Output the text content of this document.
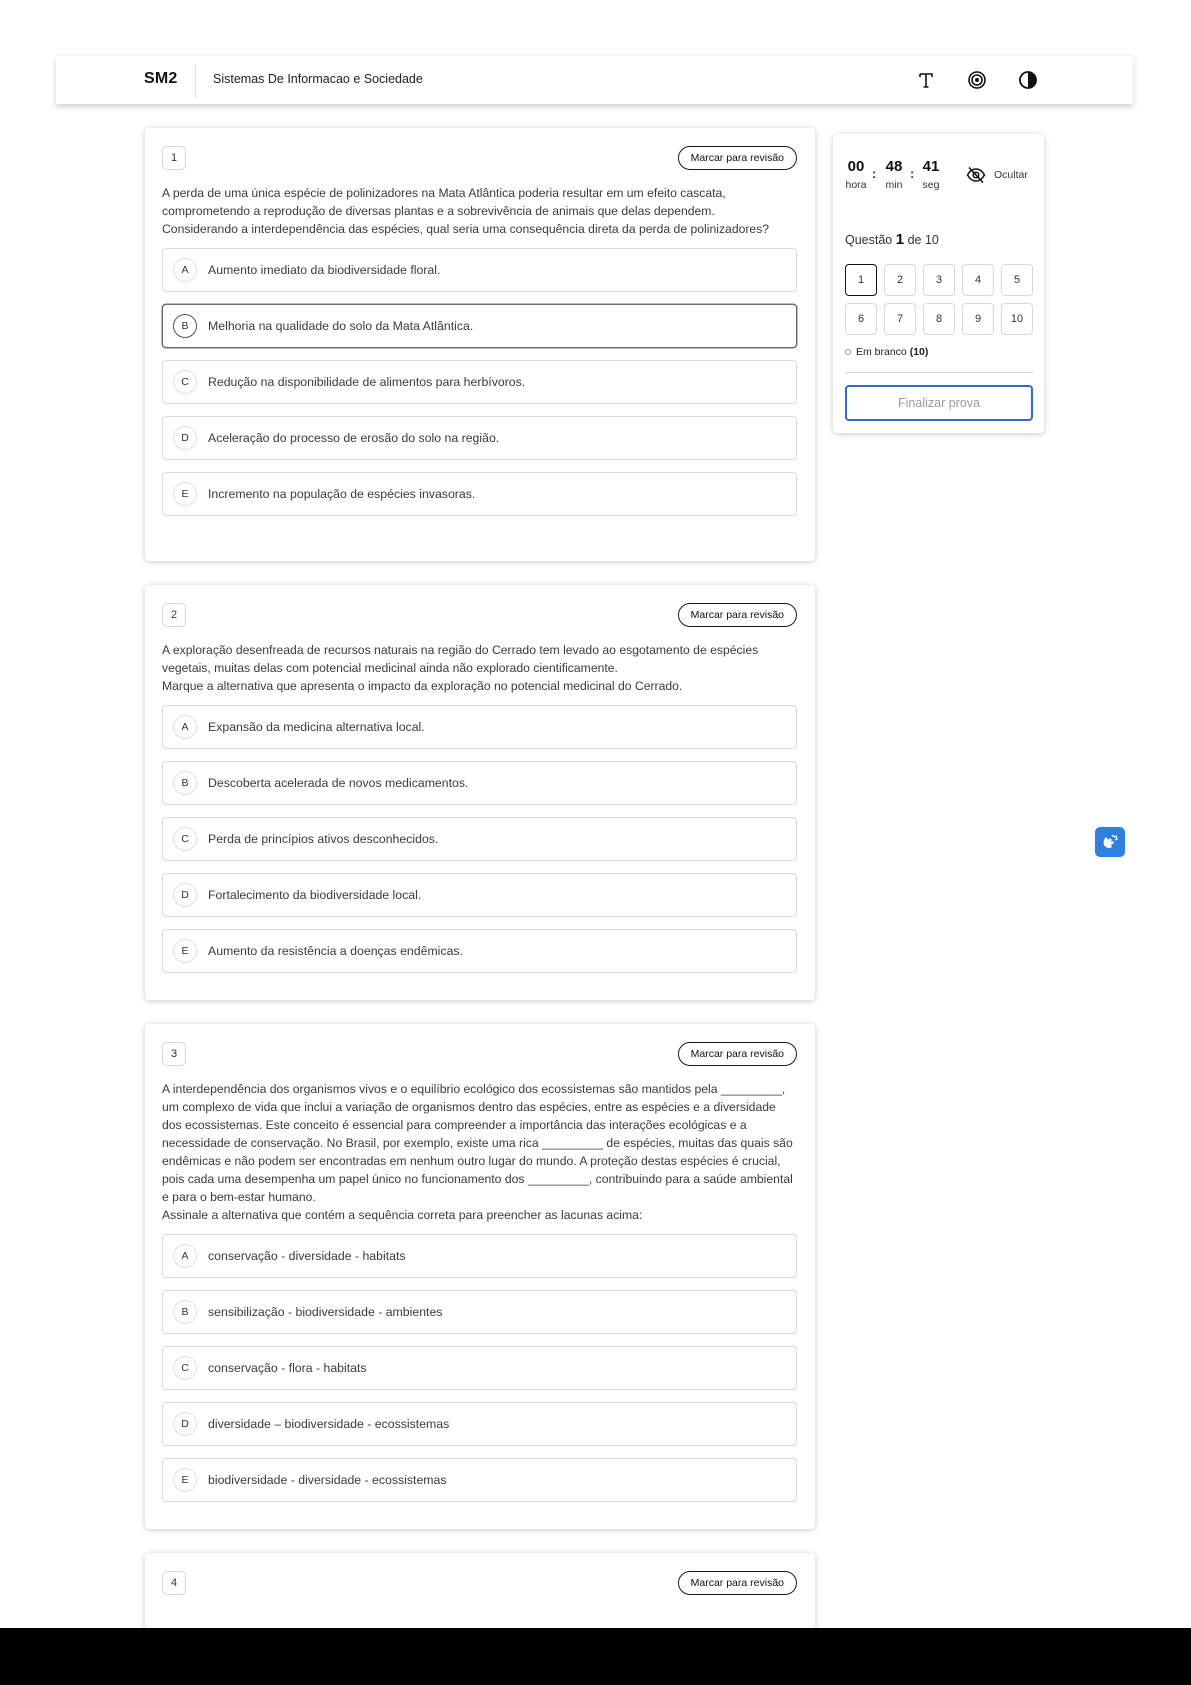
SM2	Sistemas De Informacao e Sociedade
1	Marcar para revisão
A perda de uma única espécie de polinizadores na Mata Atlântica poderia resultar em um efeito cascata, comprometendo a reprodução de diversas plantas e a sobrevivência de animais que delas dependem.
Considerando a interdependência das espécies, qual seria uma consequência direta da perda de polinizadores?
A	Aumento imediato da biodiversidade floral.
B	Melhoria na qualidade do solo da Mata Atlântica.
C	Redução na disponibilidade de alimentos para herbívoros.
D	Aceleração do processo de erosão do solo na região.
E	Incremento na população de espécies invasoras.
2	Marcar para revisão
A exploração desenfreada de recursos naturais na região do Cerrado tem levado ao esgotamento de espécies vegetais, muitas delas com potencial medicinal ainda não explorado cientificamente.
Marque a alternativa que apresenta o impacto da exploração no potencial medicinal do Cerrado.
A	Expansão da medicina alternativa local.
B	Descoberta acelerada de novos medicamentos.
C	Perda de princípios ativos desconhecidos.
D	Fortalecimento da biodiversidade local.
E	Aumento da resistência a doenças endêmicas.
3	Marcar para revisão
A interdependência dos organismos vivos e o equilíbrio ecológico dos ecossistemas são mantidos pela _________, um complexo de vida que inclui a variação de organismos dentro das espécies, entre as espécies e a diversidade dos ecossistemas. Este conceito é essencial para compreender a importância das interações ecológicas e a necessidade de conservação. No Brasil, por exemplo, existe uma rica _________ de espécies, muitas das quais são endêmicas e não podem ser encontradas em nenhum outro lugar do mundo. A proteção destas espécies é crucial, pois cada uma desempenha um papel único no funcionamento dos _________, contribuindo para a saúde ambiental e para o bem-estar humano.
Assinale a alternativa que contém a sequência correta para preencher as lacunas acima:
A	conservação - diversidade - habitats
B	sensibilização - biodiversidade - ambientes
C	conservação - flora - habitats
D	diversidade – biodiversidade - ecossistemas
E	biodiversidade - diversidade - ecossistemas
4	Marcar para revisão
00
hora
: 48
min
: 41
seg
Ocultar
Questão 1 de 10
1	2	3	4	5
6	7	8	9	10
Em branco
(10)
Finalizar prova
